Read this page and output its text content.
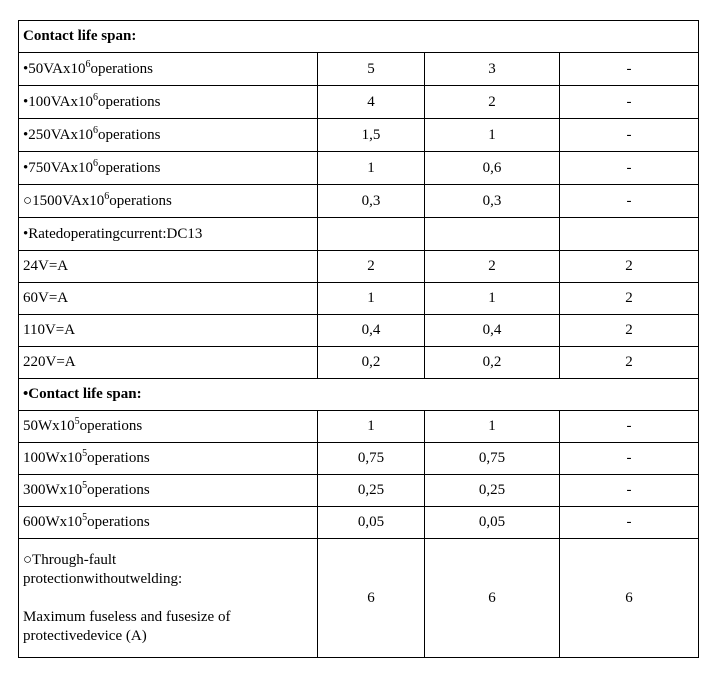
Contact life span:			
$•50VAx10^6operations$	5	3	-
$•100VAx10^6operations$	4	2	-
$•250VAx10^6operations$	1,5	1	-
$•750VAx10^6operations$	1	0,6	-
$○1500VAx10^6operations$	0,3	0,3	-
•Ratedoperatingcurrent:DC13			
24V=A	2	2	2
60V=A	1	1	2
110V=A	0,4	0,4	2
220V=A	0,2	0,2	2
•Contact life span:			
$50Wx10^5operations$	1	1	-
$100Wx10^5operations$	0,75	0,75	-
$300Wx10^5operations$	0,25	0,25	-
$600Wx10^5operations$	0,05	0,05	-

○Through-fault
protectionwithoutwelding:
Maximum fuseless and fusesize of
protectivedevice (A)	6	6	6
